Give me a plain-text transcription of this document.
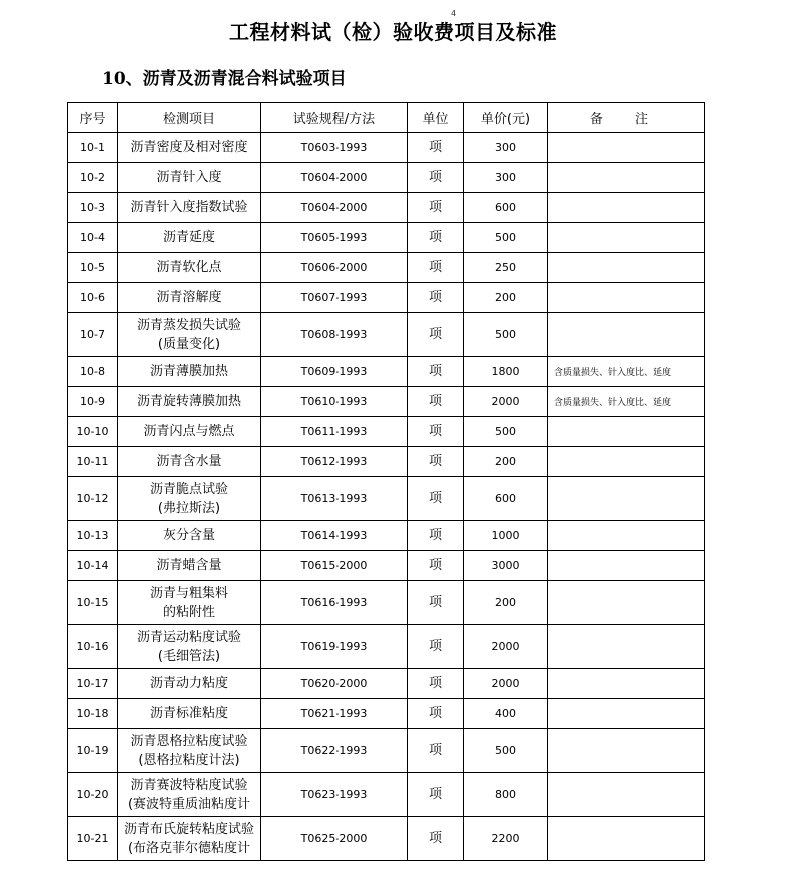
4
工程材料试（检）验收费项目及标准
10、沥青及沥青混合料试验项目
序号	检测项目	试验规程/方法	单位	单价(元)	备 注
10-1	沥青密度及相对密度	T0603-1993	项	300	
10-2	沥青针入度	T0604-2000	项	300	
10-3	沥青针入度指数试验	T0604-2000	项	600	
10-4	沥青延度	T0605-1993	项	500	
10-5	沥青软化点	T0606-2000	项	250	
10-6	沥青溶解度	T0607-1993	项	200	
10-7	沥青蒸发损失试验
(质量变化)	T0608-1993	项	500	
10-8	沥青薄膜加热	T0609-1993	项	1800	含质量损失、针入度比、延度
10-9	沥青旋转薄膜加热	T0610-1993	项	2000	含质量损失、针入度比、延度
10-10	沥青闪点与燃点	T0611-1993	项	500	
10-11	沥青含水量	T0612-1993	项	200	
10-12	沥青脆点试验
(弗拉斯法)	T0613-1993	项	600	
10-13	灰分含量	T0614-1993	项	1000	
10-14	沥青蜡含量	T0615-2000	项	3000	
10-15	沥青与粗集料
的粘附性	T0616-1993	项	200	
10-16	沥青运动粘度试验
(毛细管法)	T0619-1993	项	2000	
10-17	沥青动力粘度	T0620-2000	项	2000	
10-18	沥青标准粘度	T0621-1993	项	400	
10-19	沥青恩格拉粘度试验
(恩格拉粘度计法)	T0622-1993	项	500	
10-20	沥青赛波特粘度试验
(赛波特重质油粘度计	T0623-1993	项	800	
10-21	沥青布氏旋转粘度试验
(布洛克菲尔德粘度计	T0625-2000	项	2200	
